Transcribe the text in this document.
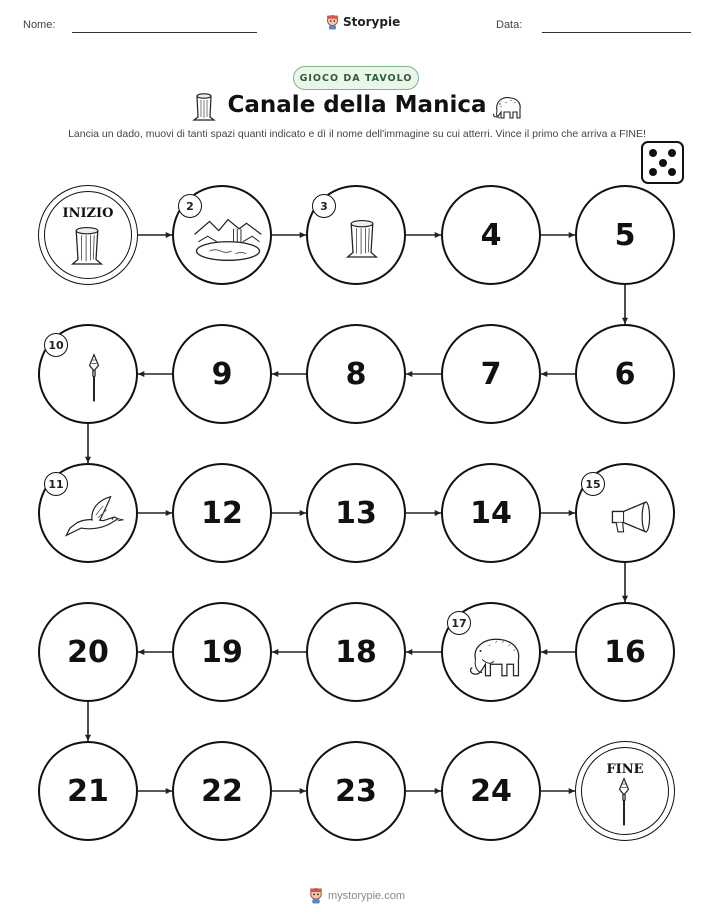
Nome:	Storypie	Data:
GIOCO DA TAVOLO
Canale della Manica
Lancia un dado, muovi di tanti spazi quanti indicato e dì il nome dell'immagine su cui atterri. Vince il primo che arriva a FINE!
INIZIO	2	3
4	5
6
7
8
9
10
11
12	13	14
15
16
17
18
19
20
21	22	23	24
FINE
mystorypie.com
